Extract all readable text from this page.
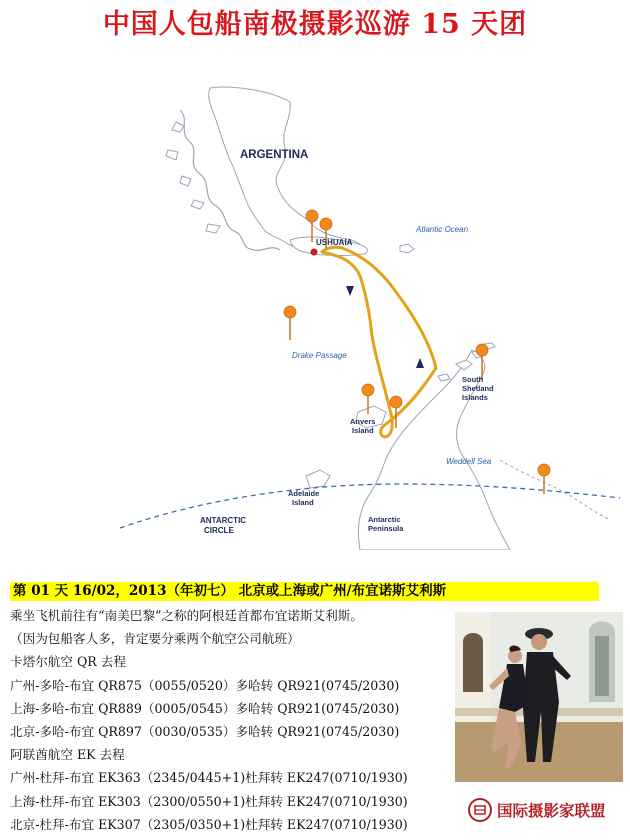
中国人包船南极摄影巡游 15 天团
ARGENTINA
USHUAIA
Atlantic Ocean
Drake Passage
South Shetland Islands
Anvers Island
Weddell Sea
Adelaide Island
Antarctic Peninsula
ANTARCTIC CIRCLE
第 01 天 16/02，2013（年初七） 北京或上海或广州/布宜诺斯艾利斯
乘坐飞机前往有“南美巴黎”之称的阿根廷首都布宜诺斯艾利斯。
（因为包船客人多，肯定要分乘两个航空公司航班）
卡塔尔航空 QR 去程
广州-多哈-布宜 QR875（0055/0520）多哈转 QR921(0745/2030)
上海-多哈-布宜 QR889（0005/0545）多哈转 QR921(0745/2030)
北京-多哈-布宜 QR897（0030/0535）多哈转 QR921(0745/2030)
阿联酋航空 EK 去程
广州-杜拜-布宜 EK363（2345/0445+1)杜拜转 EK247(0710/1930)
上海-杜拜-布宜 EK303（2300/0550+1)杜拜转 EK247(0710/1930)
北京-杜拜-布宜 EK307（2305/0350+1)杜拜转 EK247(0710/1930)
国际摄影家联盟
